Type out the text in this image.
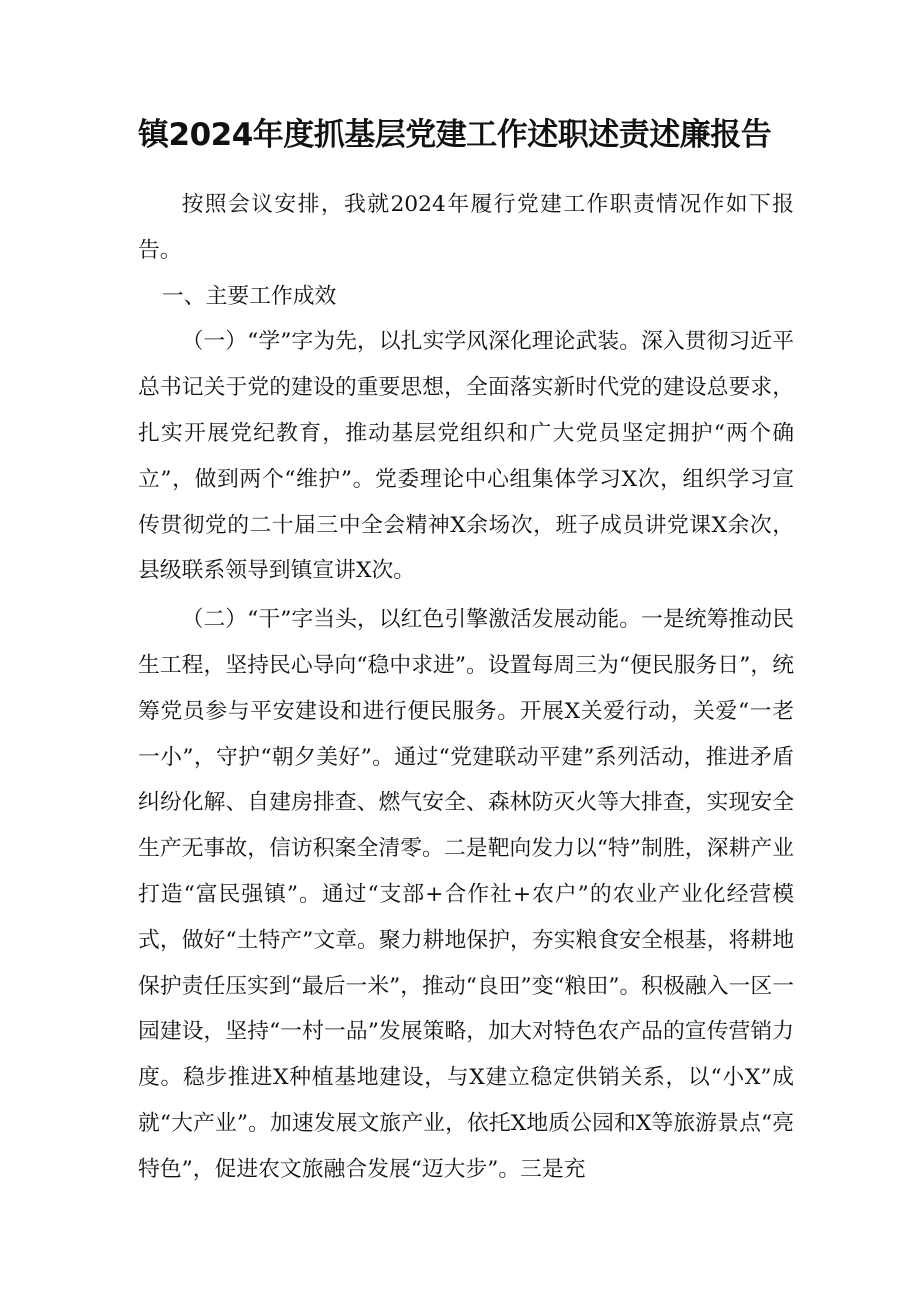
镇2024年度抓基层党建工作述职述责述廉报告

按照会议安排，我就2024年履行党建工作职责情况作如下报告。

一、主要工作成效

（一）“学”字为先，以扎实学风深化理论武装。深入贯彻习近平总书记关于党的建设的重要思想，全面落实新时代党的建设总要求，扎实开展党纪教育，推动基层党组织和广大党员坚定拥护“两个确立”，做到两个“维护”。党委理论中心组集体学习X次，组织学习宣传贯彻党的二十届三中全会精神X余场次，班子成员讲党课X余次，县级联系领导到镇宣讲X次。

（二）“干”字当头，以红色引擎激活发展动能。一是统筹推动民生工程，坚持民心导向“稳中求进”。设置每周三为“便民服务日”，统筹党员参与平安建设和进行便民服务。开展X关爱行动，关爱“一老一小”，守护“朝夕美好”。通过“党建联动平建”系列活动，推进矛盾纠纷化解、自建房排查、燃气安全、森林防灭火等大排查，实现安全生产无事故，信访积案全清零。二是靶向发力以“特”制胜，深耕产业打造“富民强镇”。通过“支部+合作社+农户”的农业产业化经营模式，做好“土特产”文章。聚力耕地保护，夯实粮食安全根基，将耕地保护责任压实到“最后一米”，推动“良田”变“粮田”。积极融入一区一园建设，坚持“一村一品”发展策略，加大对特色农产品的宣传营销力度。稳步推进X种植基地建设，与X建立稳定供销关系，以“小X”成就“大产业”。加速发展文旅产业，依托X地质公园和X等旅游景点“亮特色”，促进农文旅融合发展“迈大步”。三是充
